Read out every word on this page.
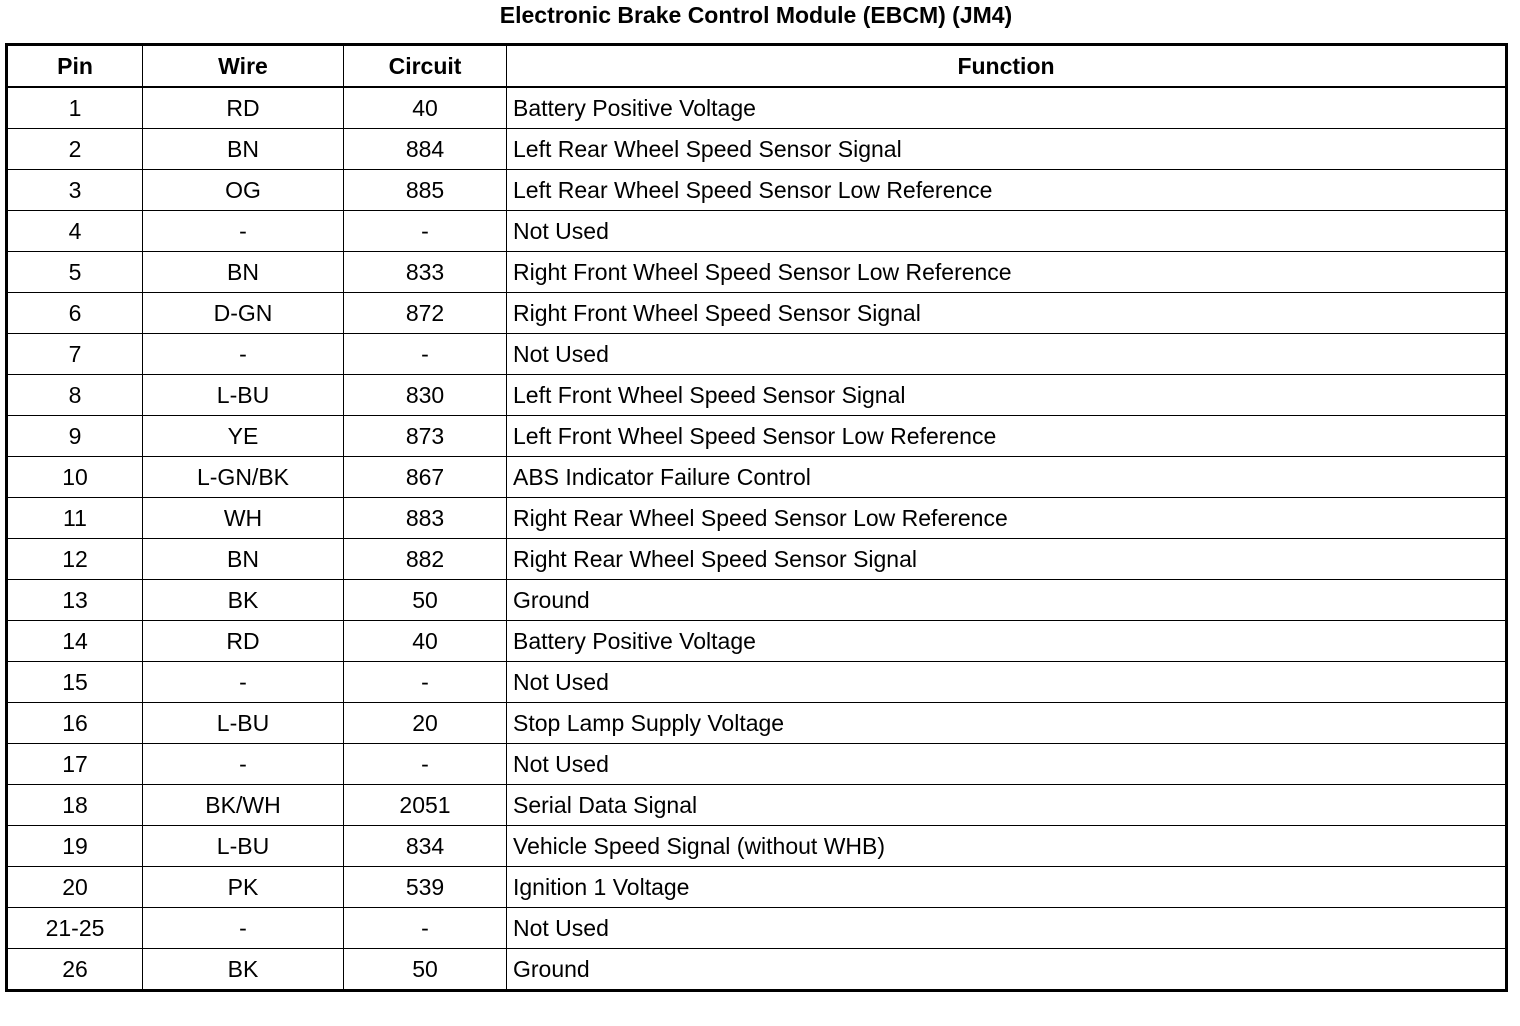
Electronic Brake Control Module (EBCM) (JM4)
Pin	Wire	Circuit	Function
1	RD	40	Battery Positive Voltage
2	BN	884	Left Rear Wheel Speed Sensor Signal
3	OG	885	Left Rear Wheel Speed Sensor Low Reference
4	-	-	Not Used
5	BN	833	Right Front Wheel Speed Sensor Low Reference
6	D-GN	872	Right Front Wheel Speed Sensor Signal
7	-	-	Not Used
8	L-BU	830	Left Front Wheel Speed Sensor Signal
9	YE	873	Left Front Wheel Speed Sensor Low Reference
10	L-GN/BK	867	ABS Indicator Failure Control
11	WH	883	Right Rear Wheel Speed Sensor Low Reference
12	BN	882	Right Rear Wheel Speed Sensor Signal
13	BK	50	Ground
14	RD	40	Battery Positive Voltage
15	-	-	Not Used
16	L-BU	20	Stop Lamp Supply Voltage
17	-	-	Not Used
18	BK/WH	2051	Serial Data Signal
19	L-BU	834	Vehicle Speed Signal (without WHB)
20	PK	539	Ignition 1 Voltage
21-25	-	-	Not Used
26	BK	50	Ground
